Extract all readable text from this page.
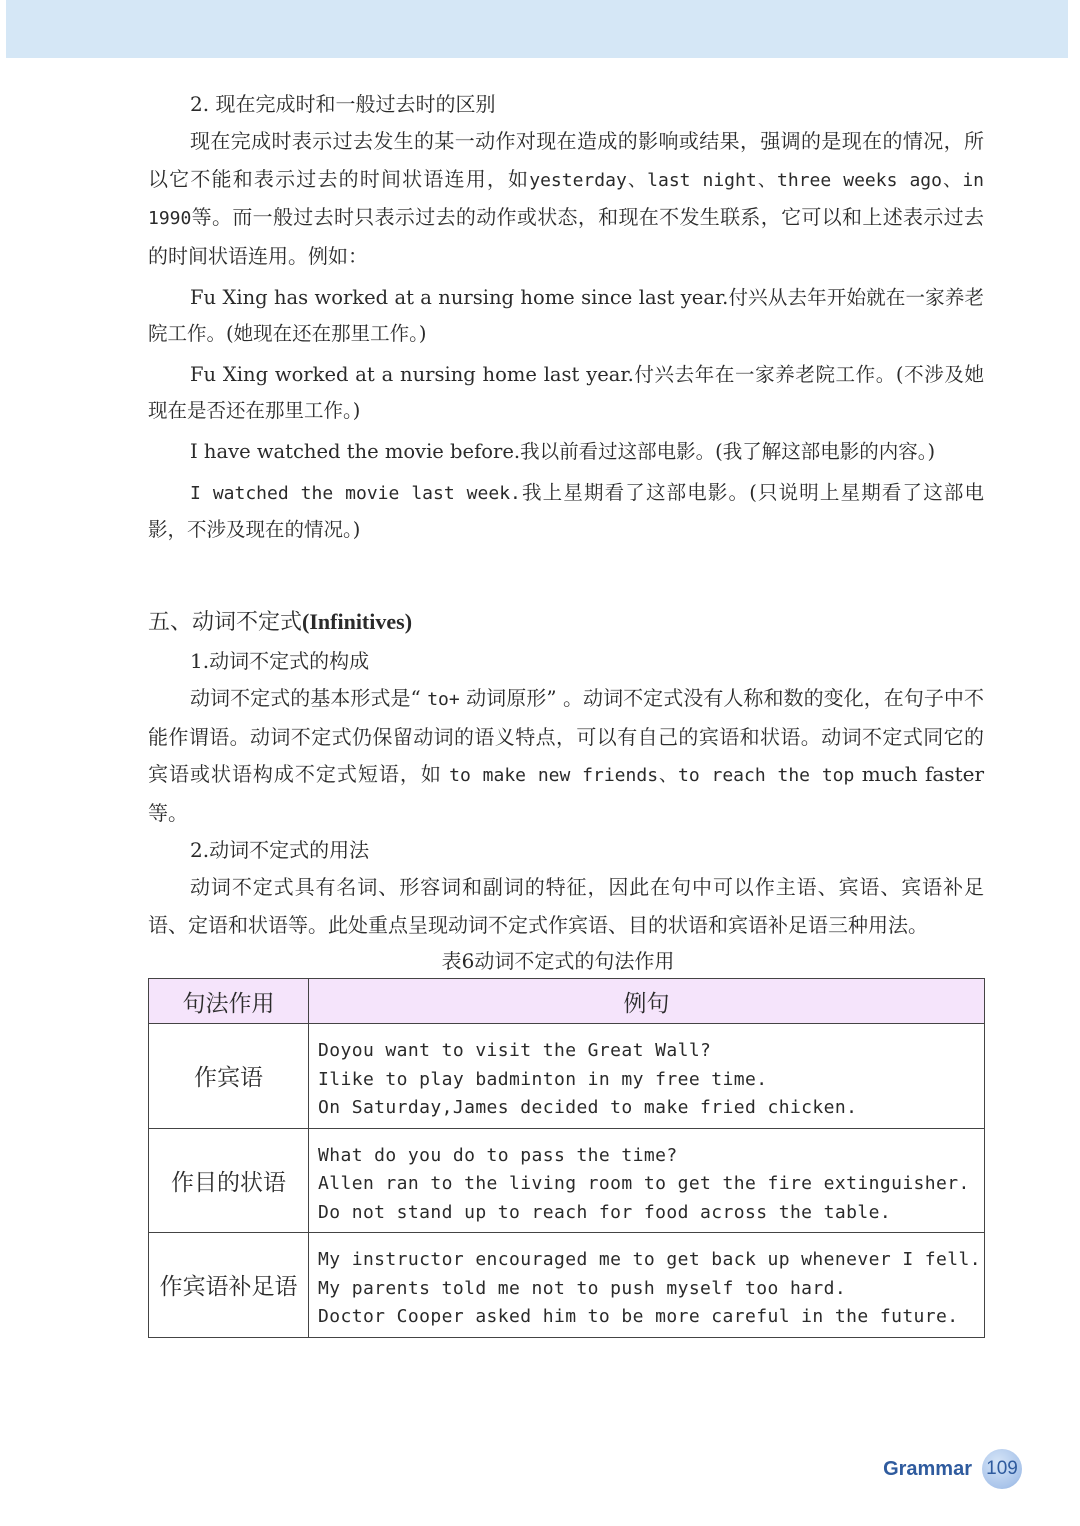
2. 现在完成时和一般过去时的区别

现在完成时表示过去发生的某一动作对现在造成的影响或结果，强调的是现在的情况，所以它不能和表示过去的时间状语连用，如yesterday、last night、three weeks ago、in 1990等。而一般过去时只表示过去的动作或状态，和现在不发生联系，它可以和上述表示过去的时间状语连用。例如：

Fu Xing has worked at a nursing home since last year.付兴从去年开始就在一家养老院工作。(她现在还在那里工作。)

Fu Xing worked at a nursing home last year.付兴去年在一家养老院工作。(不涉及她现在是否还在那里工作。)

I have watched the movie before.我以前看过这部电影。(我了解这部电影的内容。)

I watched the movie last week.我上星期看了这部电影。(只说明上星期看了这部电影，不涉及现在的情况。)

五、动词不定式(Infinitives)

1.动词不定式的构成

动词不定式的基本形式是“ to+ 动词原形” 。动词不定式没有人称和数的变化，在句子中不能作谓语。动词不定式仍保留动词的语义特点，可以有自己的宾语和状语。动词不定式同它的宾语或状语构成不定式短语，如 to make new friends、to reach the top much faster等。

2.动词不定式的用法

动词不定式具有名词、形容词和副词的特征，因此在句中可以作主语、宾语、宾语补足语、定语和状语等。此处重点呈现动词不定式作宾语、目的状语和宾语补足语三种用法。

表6动词不定式的句法作用

句法作用	例句
作宾语	Doyou want to visit the Great Wall?
Ilike to play badminton in my free time.
On Saturday,James decided to make fried chicken.

作目的状语	What do you do to pass the time?
Allen ran to the living room to get the fire extinguisher.
Do not stand up to reach for food across the table.

作宾语补足语	My instructor encouraged me to get back up whenever I fell.
My parents told me not to push myself too hard.
Doctor Cooper asked him to be more careful in the future.
Grammar 109
